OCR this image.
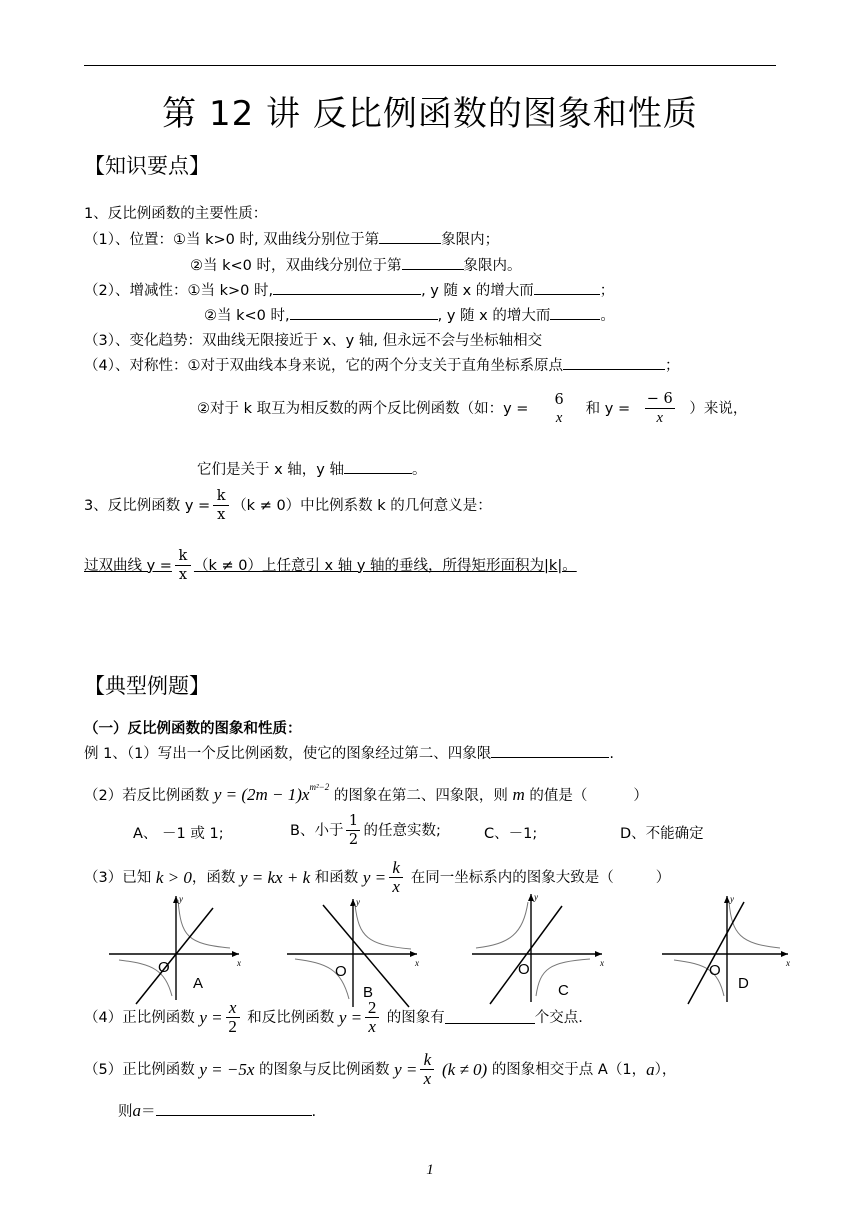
第 12 讲 反比例函数的图象和性质
【知识要点】
1、反比例函数的主要性质：
（1）、位置：①当 k>0 时, 双曲线分别位于第	象限内；
②当 k<0 时，双曲线分别位于第	象限内。
（2）、增减性：①当 k>0 时,	, y 随 x 的增大而	；
②当 k<0 时,	, y 随 x 的增大而	。
（3）、变化趋势：双曲线无限接近于 x、y 轴, 但永远不会与坐标轴相交
（4）、对称性：①对于双曲线本身来说，它的两个分支关于直角坐标系原点	；
②对于 k 取互为相反数的两个反比例函数（如：y =
6
x
和 $y = \frac{- 6}{x}$ ）来说，
它们是关于 x 轴，y 轴	。
3、反比例函数 $y = \frac{k}{x} (k \ne 0)$中比例系数 k 的几何意义是：
过双曲线 $y = \frac{k}{x} (k \ne 0)$上任意引 x 轴 y 轴的垂线，所得矩形面积为|k|。
【典型例题】
（一）反比例函数的图象和性质：
例 1、（1）写出一个反比例函数，使它的图象经过第二、四象限	.
（2）若反比例函数 $y = (2m - 1)x^{m^2-2}$ 的图象在第二、四象限，则 m 的值是（	）
A、 －1 或 1;	B、小于 $\frac{1}{2}$ 的任意实数;	C、－1;	D、不能确定
（3）已知 k > 0，函数 y = kx + k 和函数 $y = \frac{k}{x}$ 在同一坐标系内的图象大致是（	）
y
x
O
A
y
x
O
B
y
x
O
C
y
x
O
D
（4）正比例函数 $y = \frac{x}{2}$ 和反比例函数 $y = \frac{2}{x}$ 的图象有	个交点.
（5）正比例函数 y = −5x 的图象与反比例函数 $y = \frac{k}{x} (k \ne 0)$ 的图象相交于点 A（1，a），
则a＝	.
1
